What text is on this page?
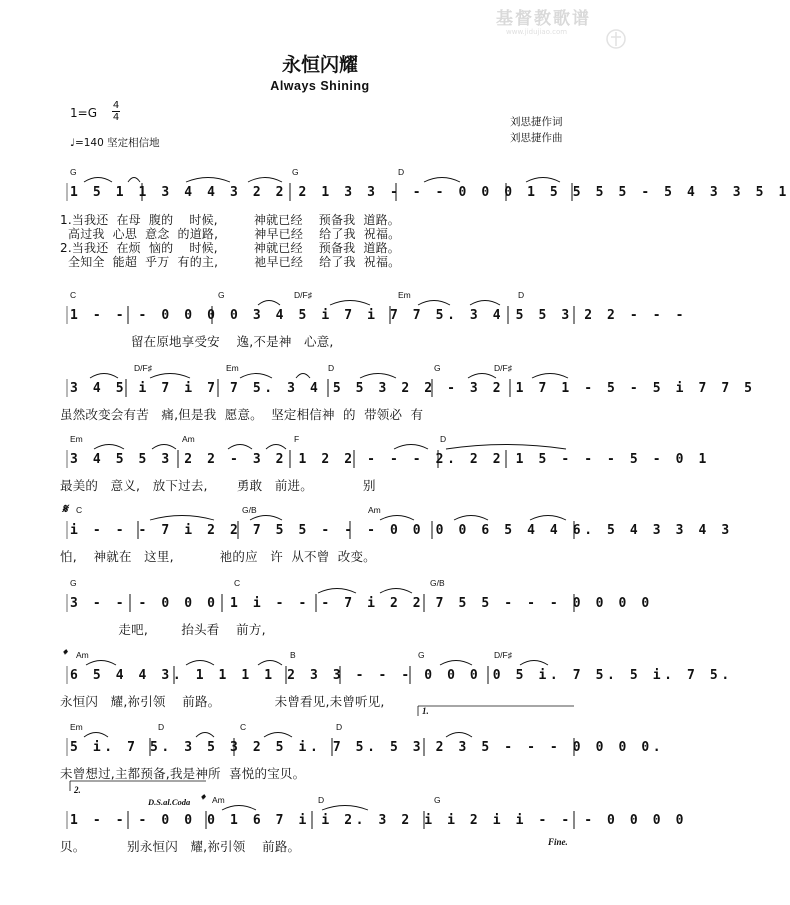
基督教歌谱
www.jidujiao.com
永恒闪耀
Always Shining
1=G
4
4
♩=140 坚定相信地
刘思捷作词
刘思捷作曲
G	G	D
1 5 1 1 3 4 4 3 2 2 2 1 3 3 - - - 0 0 0 1 5 5 5 5 - 5 4 3 3 5 1
1.当我还  在母  腹的    时候,         神就已经    预备我  道路。
高过我  心思  意念  的道路,         神早已经    给了我  祝福。
2.当我还  在烦  恼的    时候,         神就已经    预备我  道路。
全知全  能超  乎万  有的主,         祂早已经    给了我  祝福。
C	G	D/F♯	Em	D
1 - - - 0 0 0 0 3 4 5 i 7 i 7 7 5. 3 4 5 5 3 2 2 - - -
留在原地享受安    逸,不是神   心意,
D/F♯	Em	D	G	D/F♯
3 4 5 i 7 i 7 7 5. 3 4 5 5 3 2 2 - 3 2 1 7 1 - 5 - 5 i 7 7 5
虽然改变会有苦   痛,但是我  愿意。  坚定相信神  的  带领必  有
Em	Am	F	D
3 4 5 5 3 2 2 - 3 2 1 2 2 - - - 2. 2 2 1 5 - - - 5 - 0 1
最美的   意义,   放下过去,       勇敢   前进。            别
C	G/B	Am
i - - - 7 i 2 2 7 5 5 - - - 0 0 0 0 6 5 4 4 6. 5 4 3 3 4 3
怕,    神就在   这里,           祂的应   许  从不曾  改变。
𝄋
G	C	G/B
3 - - - 0 0 0 1 i - - - 7 i 2 2 7 5 5 - - - 0 0 0 0
走吧,        抬头看    前方,
Am	B	G	D/F♯
6 5 4 4 3. 1 1 1 1 2 3 3 - - - 0 0 0 0 5 i. 7 5. 5 i. 7 5.
永恒闪   耀,祢引领    前路。             未曾看见,未曾听见,
𝄌
Em	D	C	D
5 i. 7 5. 3 5 3 2 5 i. 7 5. 5 3 2 3 5 - - - 0 0 0 0.
未曾想过,主都预备,我是神所  喜悦的宝贝。
1.
Am	D	G
1 - - - 0 0 0 1 6 7 i i 2. 3 2 i i 2 i i - - - 0 0 0 0
贝。          别永恒闪   耀,祢引领    前路。
𝄌
2.
D.S.al.Coda
Fine.
